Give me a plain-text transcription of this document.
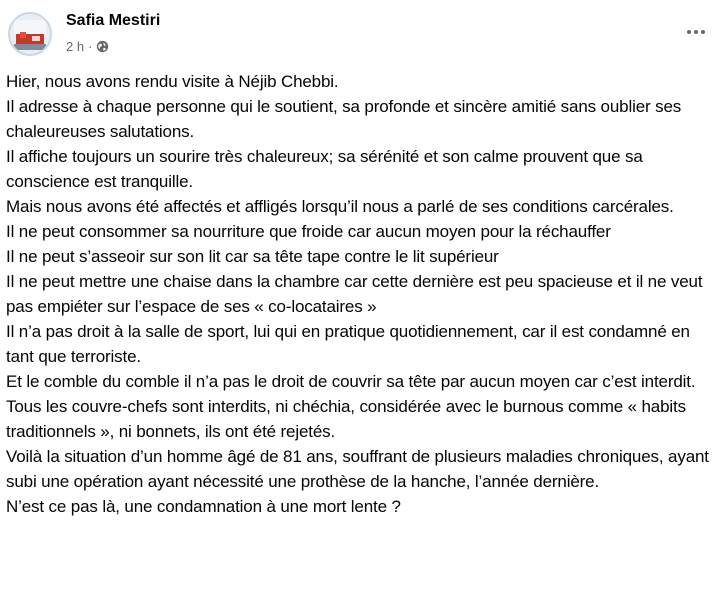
Safia Mestiri
2 h ·

Hier, nous avons rendu visite à Néjib Chebbi.

Il adresse à chaque personne qui le soutient, sa profonde et sincère amitié sans oublier ses chaleureuses salutations.

Il affiche toujours un sourire très chaleureux; sa sérénité et son calme prouvent que sa conscience est tranquille.

Mais nous avons été affectés et affligés lorsqu’il nous a parlé de ses conditions carcérales.

Il ne peut consommer sa nourriture que froide car aucun moyen pour la réchauffer

Il ne peut s’asseoir sur son lit car sa tête tape contre le lit supérieur

Il ne peut mettre une chaise dans la chambre car cette dernière est peu spacieuse et il ne veut pas empiéter sur l’espace de ses « co-locataires »

Il n’a pas droit à la salle de sport, lui qui en pratique quotidiennement, car il est condamné en tant que terroriste.

Et le comble du comble il n’a pas le droit de couvrir sa tête par aucun moyen car c’est interdit.

Tous les couvre-chefs sont interdits, ni chéchia, considérée avec le burnous comme « habits traditionnels », ni bonnets, ils ont été rejetés.

Voilà la situation d’un homme âgé de 81 ans, souffrant de plusieurs maladies chroniques, ayant subi une opération ayant nécessité une prothèse de la hanche, l’année dernière.

N’est ce pas là, une condamnation à une mort lente ?
